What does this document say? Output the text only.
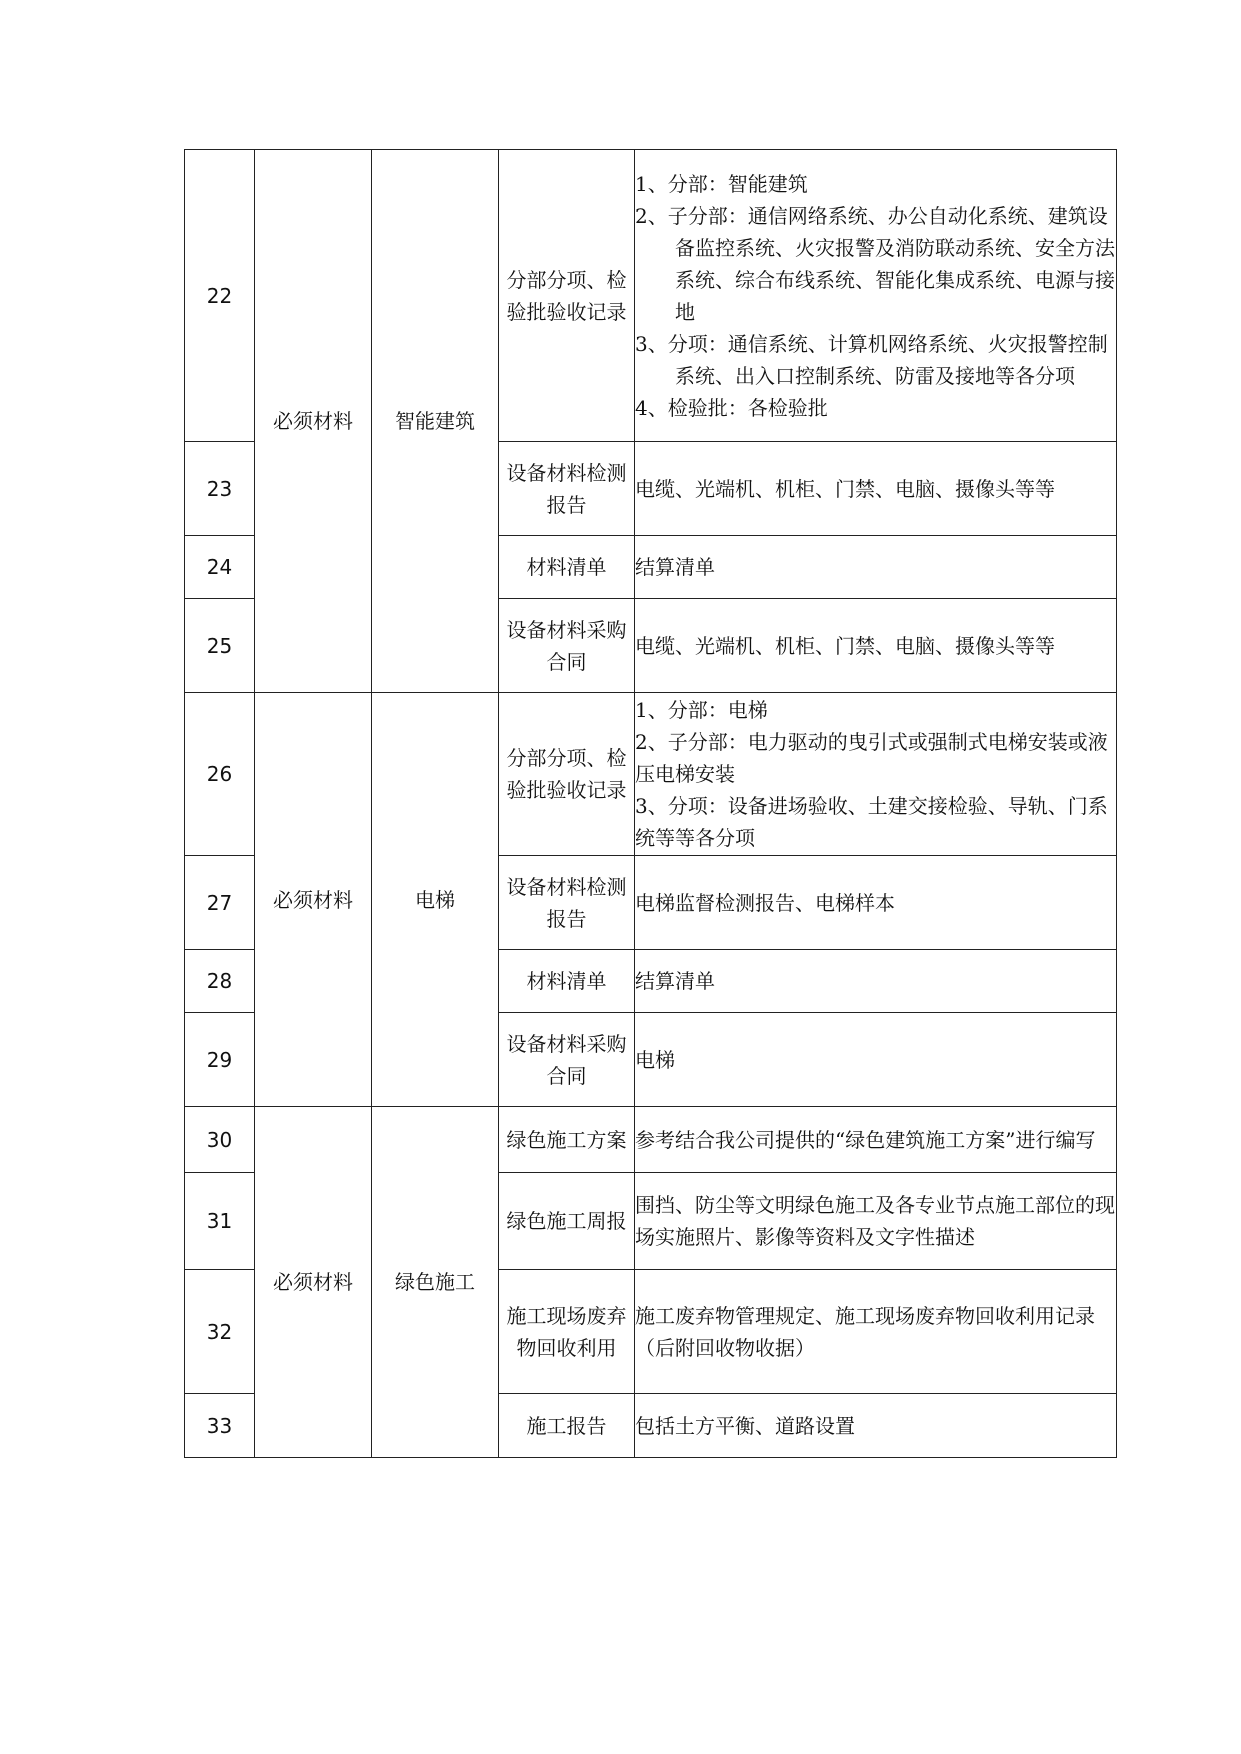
22	必须材料	智能建筑	分部分项、检验批验收记录	1、分部：智能建筑
2、子分部：通信网络系统、办公自动化系统、建筑设备监控系统、火灾报警及消防联动系统、安全方法系统、综合布线系统、智能化集成系统、电源与接地
3、分项：通信系统、计算机网络系统、火灾报警控制系统、出入口控制系统、防雷及接地等各分项
4、检验批：各检验批

23			设备材料检测报告	电缆、光端机、机柜、门禁、电脑、摄像头等等

24			材料清单	结算清单

25			设备材料采购合同	电缆、光端机、机柜、门禁、电脑、摄像头等等

26	必须材料	电梯	分部分项、检验批验收记录	1、分部：电梯
2、子分部：电力驱动的曳引式或强制式电梯安装或液压电梯安装
3、分项：设备进场验收、土建交接检验、导轨、门系统等等各分项

27			设备材料检测报告	电梯监督检测报告、电梯样本

28			材料清单	结算清单

29			设备材料采购合同	电梯

30	必须材料	绿色施工	绿色施工方案	参考结合我公司提供的“绿色建筑施工方案”进行编写

31			绿色施工周报	围挡、防尘等文明绿色施工及各专业节点施工部位的现场实施照片、影像等资料及文字性描述

32			施工现场废弃物回收利用	施工废弃物管理规定、施工现场废弃物回收利用记录（后附回收物收据）

33			施工报告	包括土方平衡、道路设置
